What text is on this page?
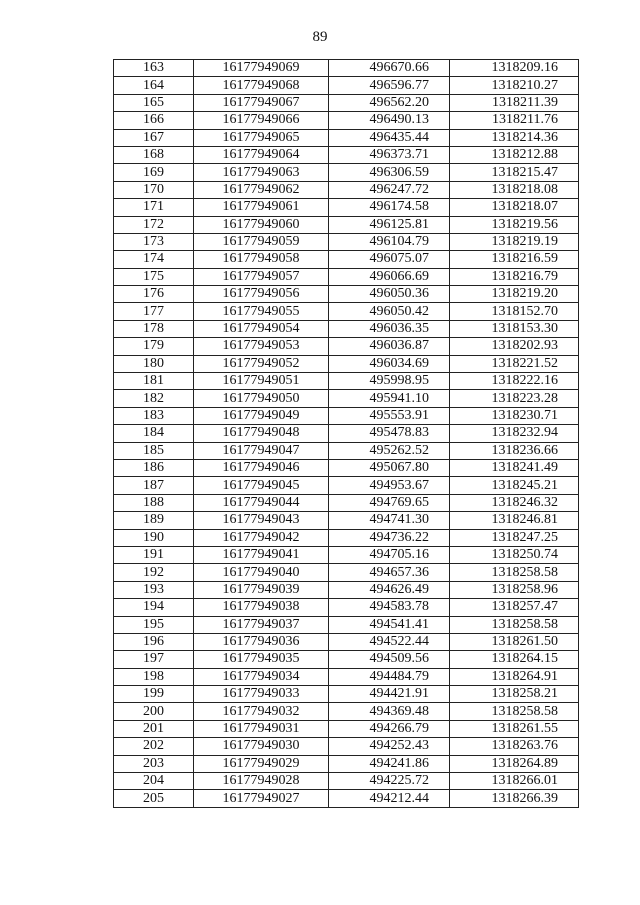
89
163	16177949069	496670.66	1318209.16
164	16177949068	496596.77	1318210.27
165	16177949067	496562.20	1318211.39
166	16177949066	496490.13	1318211.76
167	16177949065	496435.44	1318214.36
168	16177949064	496373.71	1318212.88
169	16177949063	496306.59	1318215.47
170	16177949062	496247.72	1318218.08
171	16177949061	496174.58	1318218.07
172	16177949060	496125.81	1318219.56
173	16177949059	496104.79	1318219.19
174	16177949058	496075.07	1318216.59
175	16177949057	496066.69	1318216.79
176	16177949056	496050.36	1318219.20
177	16177949055	496050.42	1318152.70
178	16177949054	496036.35	1318153.30
179	16177949053	496036.87	1318202.93
180	16177949052	496034.69	1318221.52
181	16177949051	495998.95	1318222.16
182	16177949050	495941.10	1318223.28
183	16177949049	495553.91	1318230.71
184	16177949048	495478.83	1318232.94
185	16177949047	495262.52	1318236.66
186	16177949046	495067.80	1318241.49
187	16177949045	494953.67	1318245.21
188	16177949044	494769.65	1318246.32
189	16177949043	494741.30	1318246.81
190	16177949042	494736.22	1318247.25
191	16177949041	494705.16	1318250.74
192	16177949040	494657.36	1318258.58
193	16177949039	494626.49	1318258.96
194	16177949038	494583.78	1318257.47
195	16177949037	494541.41	1318258.58
196	16177949036	494522.44	1318261.50
197	16177949035	494509.56	1318264.15
198	16177949034	494484.79	1318264.91
199	16177949033	494421.91	1318258.21
200	16177949032	494369.48	1318258.58
201	16177949031	494266.79	1318261.55
202	16177949030	494252.43	1318263.76
203	16177949029	494241.86	1318264.89
204	16177949028	494225.72	1318266.01
205	16177949027	494212.44	1318266.39
